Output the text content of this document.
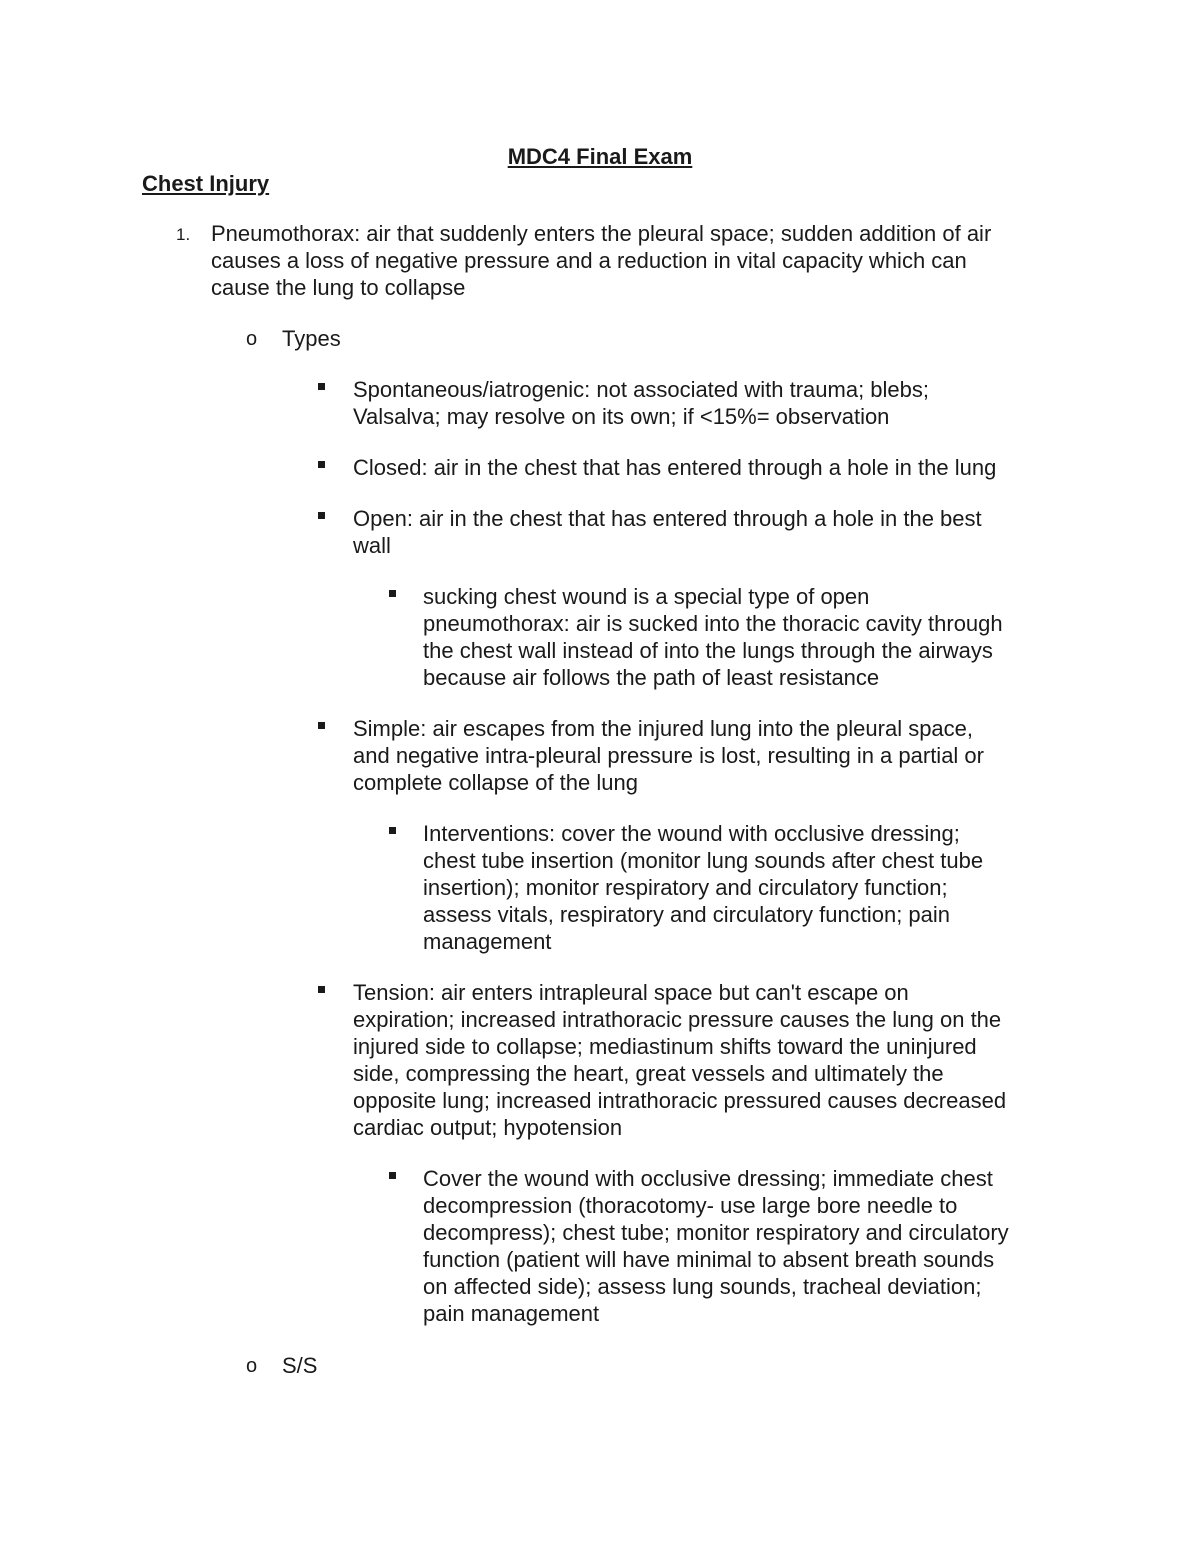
MDC4 Final Exam
Chest Injury
1. Pneumothorax: air that suddenly enters the pleural space; sudden addition of air
causes a loss of negative pressure and a reduction in vital capacity which can
cause the lung to collapse
o Types
Spontaneous/iatrogenic: not associated with trauma; blebs;
Valsalva; may resolve on its own; if <15%= observation
Closed: air in the chest that has entered through a hole in the lung
Open: air in the chest that has entered through a hole in the best
wall
sucking chest wound is a special type of open
pneumothorax: air is sucked into the thoracic cavity through
the chest wall instead of into the lungs through the airways
because air follows the path of least resistance
Simple: air escapes from the injured lung into the pleural space,
and negative intra-pleural pressure is lost, resulting in a partial or
complete collapse of the lung
Interventions: cover the wound with occlusive dressing;
chest tube insertion (monitor lung sounds after chest tube
insertion); monitor respiratory and circulatory function;
assess vitals, respiratory and circulatory function; pain
management
Tension: air enters intrapleural space but can't escape on
expiration; increased intrathoracic pressure causes the lung on the
injured side to collapse; mediastinum shifts toward the uninjured
side, compressing the heart, great vessels and ultimately the
opposite lung; increased intrathoracic pressured causes decreased
cardiac output; hypotension
Cover the wound with occlusive dressing; immediate chest
decompression (thoracotomy- use large bore needle to
decompress); chest tube; monitor respiratory and circulatory
function (patient will have minimal to absent breath sounds
on affected side); assess lung sounds, tracheal deviation;
pain management
o S/S
